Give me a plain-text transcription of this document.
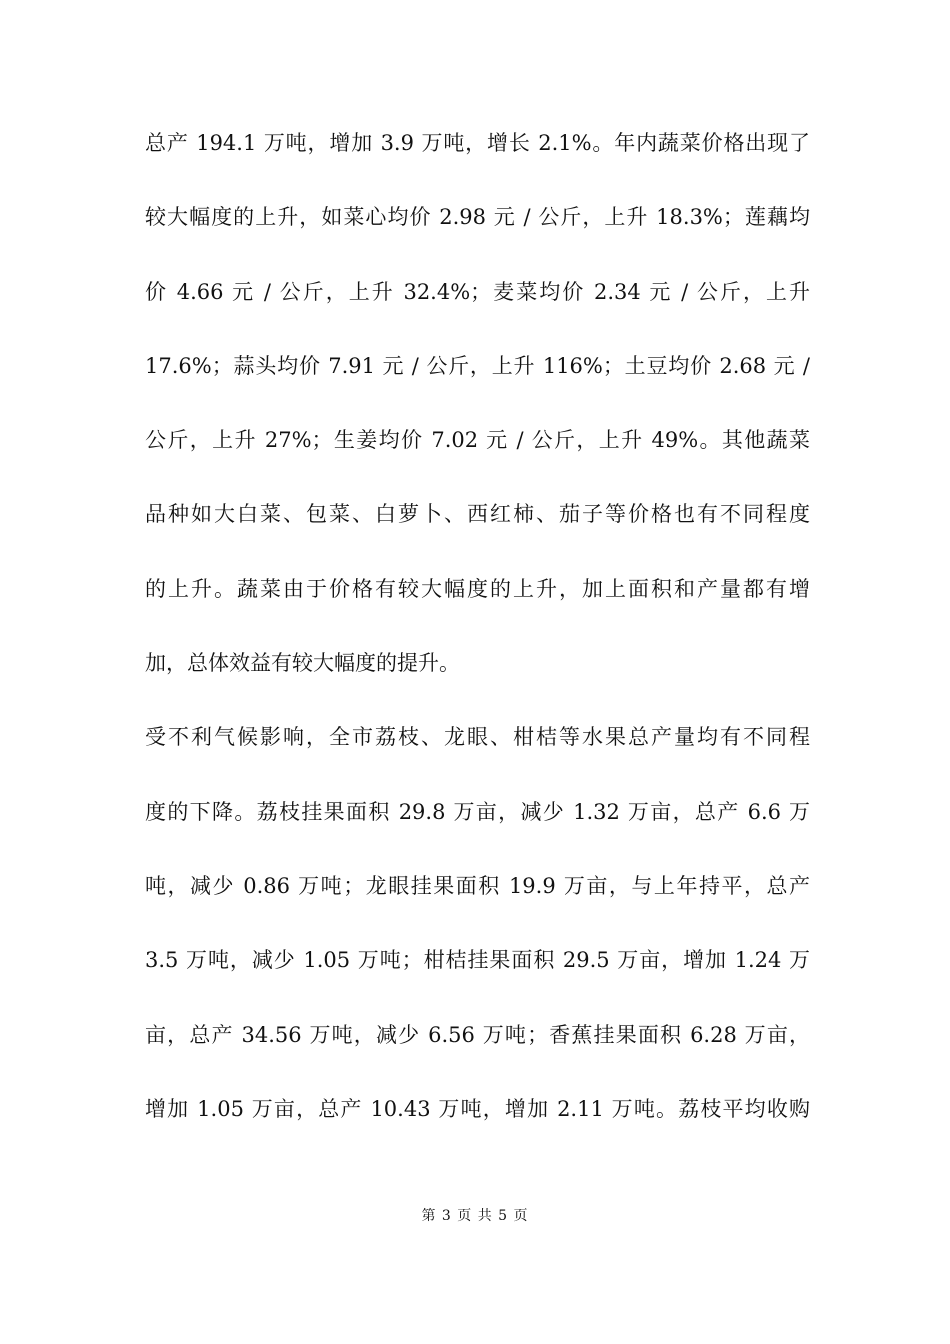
总产 194.1 万吨，增加 3.9 万吨，增长 2.1%。年内蔬菜价格出现了
较大幅度的上升，如菜心均价 2.98 元 / 公斤，上升 18.3%；莲藕均
价 4.66 元 / 公斤，上升 32.4%；麦菜均价 2.34 元 / 公斤，上升
17.6%；蒜头均价 7.91 元 / 公斤，上升 116%；土豆均价 2.68 元 /
公斤，上升 27%；生姜均价 7.02 元 / 公斤，上升 49%。其他蔬菜
品种如大白菜、包菜、白萝卜、西红柿、茄子等价格也有不同程度
的上升。蔬菜由于价格有较大幅度的上升，加上面积和产量都有增
加，总体效益有较大幅度的提升。
受不利气候影响，全市荔枝、龙眼、柑桔等水果总产量均有不同程
度的下降。荔枝挂果面积 29.8 万亩，减少 1.32 万亩，总产 6.6 万
吨，减少 0.86 万吨；龙眼挂果面积 19.9 万亩，与上年持平，总产
3.5 万吨，减少 1.05 万吨；柑桔挂果面积 29.5 万亩，增加 1.24 万
亩，总产 34.56 万吨，减少 6.56 万吨；香蕉挂果面积 6.28 万亩，
增加 1.05 万亩，总产 10.43 万吨，增加 2.11 万吨。荔枝平均收购
第 3 页 共 5 页
